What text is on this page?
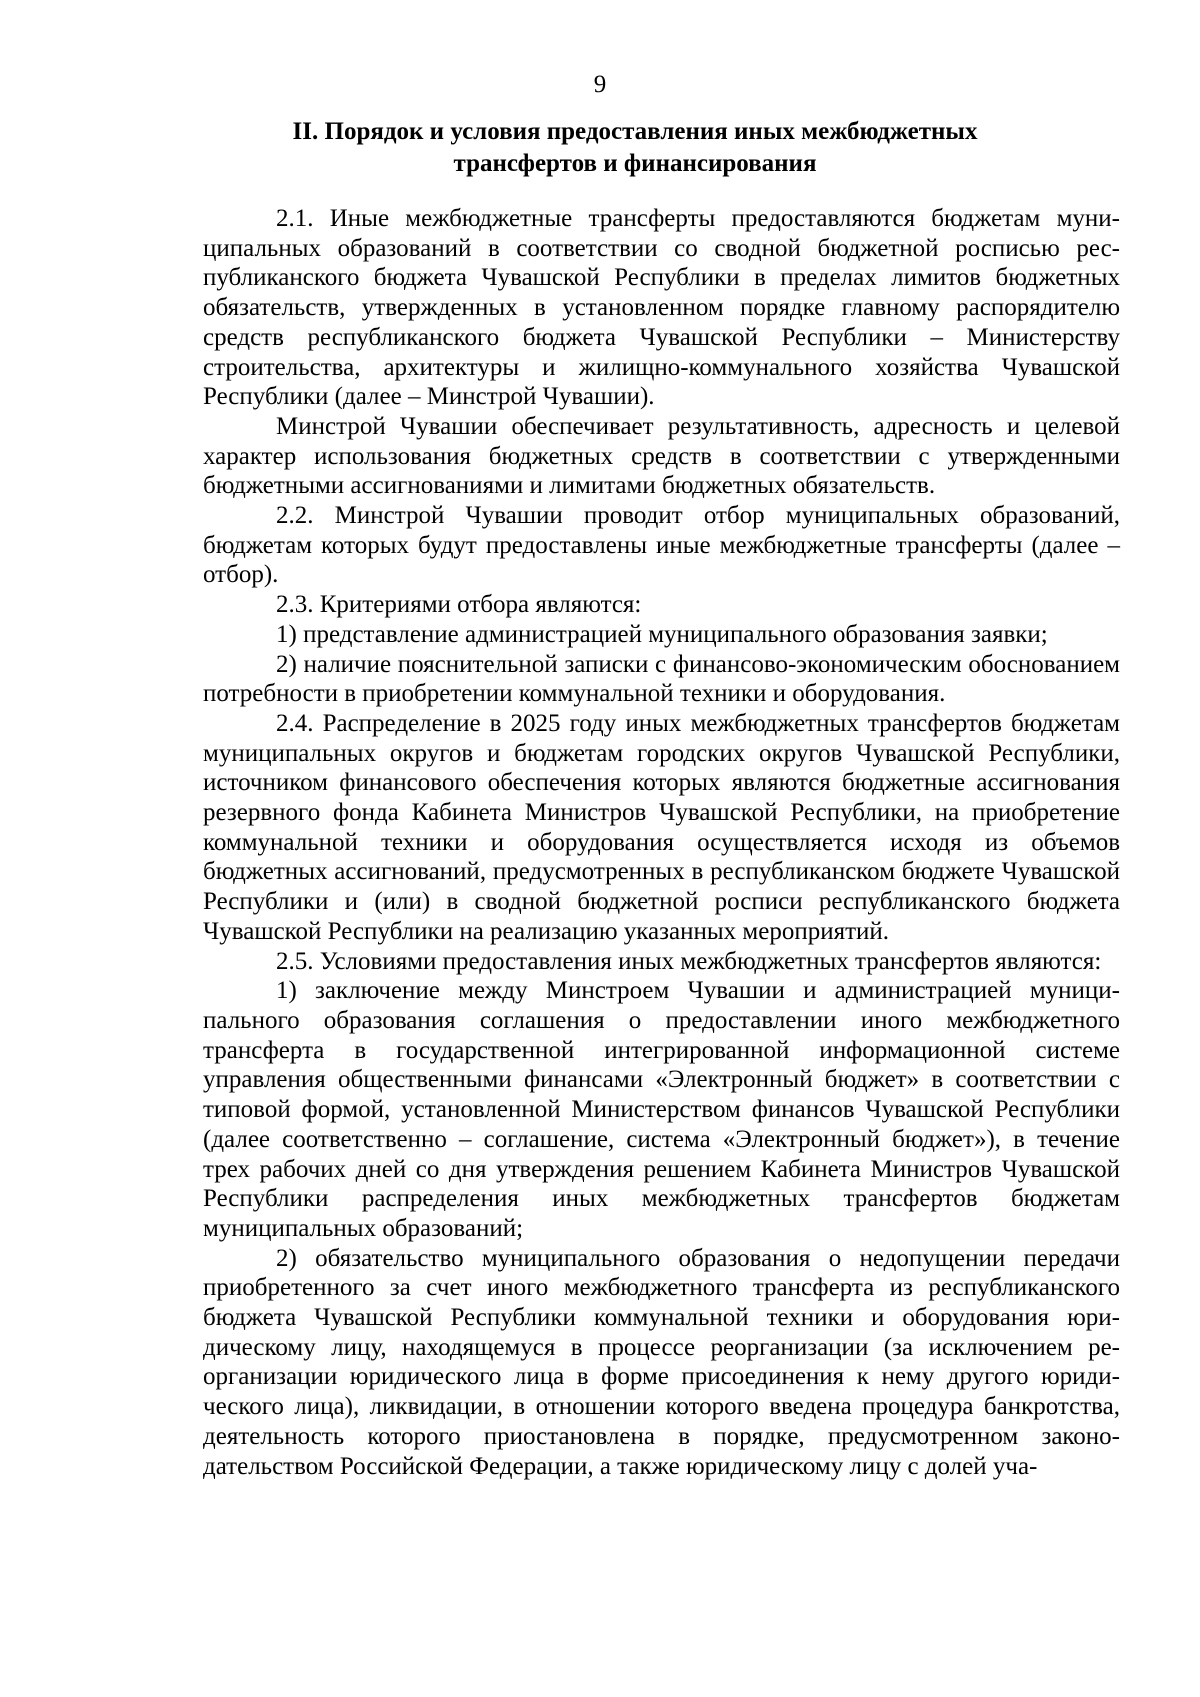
9
II. Порядок и условия предоставления иных межбюджетных
трансфертов и финансирования

2.1. Иные межбюджетные трансферты предоставляются бюджетам муниципальных образований в соответствии со сводной бюджетной росписью республиканского бюджета Чувашской Республики в пределах лимитов бюджетных обязательств, утвержденных в установленном порядке главному распорядителю средств республиканского бюджета Чувашской Республики – Министерству строительства, архитектуры и жилищно-коммунального хозяйства Чувашской Республики (далее – Минстрой Чувашии).

Минстрой Чувашии обеспечивает результативность, адресность и целевой характер использования бюджетных средств в соответствии с утвержденными бюджетными ассигнованиями и лимитами бюджетных обязательств.

2.2. Минстрой Чувашии проводит отбор муниципальных образований, бюджетам которых будут предоставлены иные межбюджетные трансферты (далее – отбор).

2.3. Критериями отбора являются:

1) представление администрацией муниципального образования заявки;

2) наличие пояснительной записки с финансово-экономическим обоснованием потребности в приобретении коммунальной техники и оборудования.

2.4. Распределение в 2025 году иных межбюджетных трансфертов бюджетам муниципальных округов и бюджетам городских округов Чувашской Республики, источником финансового обеспечения которых являются бюджетные ассигнования резервного фонда Кабинета Министров Чувашской Республики, на приобретение коммунальной техники и оборудования осуществляется исходя из объемов бюджетных ассигнований, предусмотренных в республиканском бюджете Чувашской Республики и (или) в сводной бюджетной росписи республиканского бюджета Чувашской Республики на реализацию указанных мероприятий.

2.5. Условиями предоставления иных межбюджетных трансфертов являются:

1) заключение между Минстроем Чувашии и администрацией муниципального образования соглашения о предоставлении иного межбюджетного трансферта в государственной интегрированной информационной системе управления общественными финансами «Электронный бюджет» в соответствии с типовой формой, установленной Министерством финансов Чувашской Республики (далее соответственно – соглашение, система «Электронный бюджет»), в течение трех рабочих дней со дня утверждения решением Кабинета Министров Чувашской Республики распределения иных межбюджетных трансфертов бюджетам муниципальных образований;

2) обязательство муниципального образования о недопущении передачи приобретенного за счет иного межбюджетного трансферта из республиканского бюджета Чувашской Республики коммунальной техники и оборудования юридическому лицу, находящемуся в процессе реорганизации (за исключением реорганизации юридического лица в форме присоединения к нему другого юридического лица), ликвидации, в отношении которого введена процедура банкротства, деятельность которого приостановлена в порядке, предусмотренном законодательством Российской Федерации, а также юридическому лицу с долей уча-
